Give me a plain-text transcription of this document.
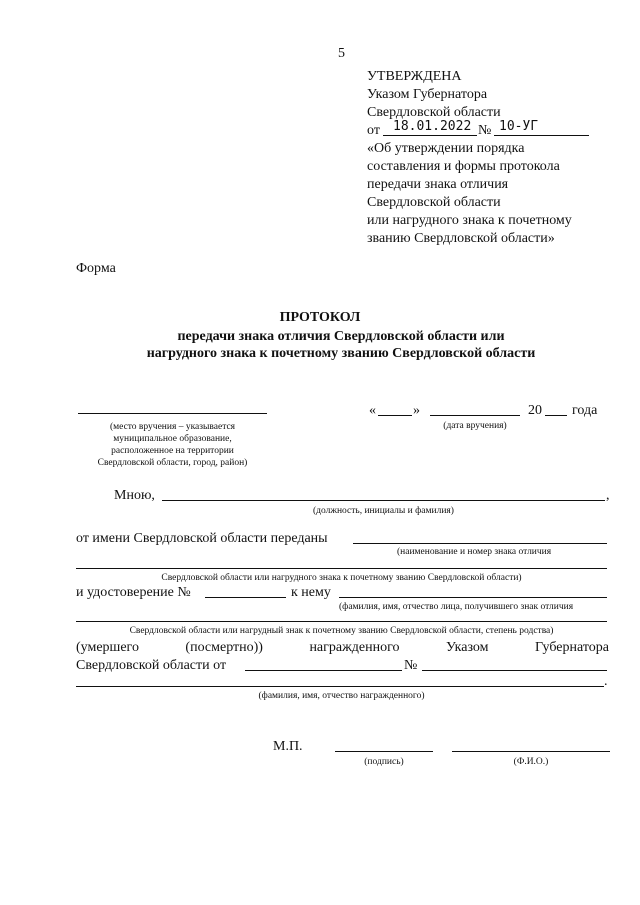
5
УТВЕРЖДЕНА
Указом Губернатора
Свердловской области
от 18.01.2022 № 10-УГ
«Об утверждении порядка
составления и формы протокола
передачи знака отличия
Свердловской области
или нагрудного знака к почетному
званию Свердловской области»
Форма
ПРОТОКОЛ
передачи знака отличия Свердловской области или
нагрудного знака к почетному званию Свердловской области
(место вручения – указывается
муниципальное образование,
расположенное на территории
Свердловской области, город, район)
«	»	20 года
(дата вручения)
Мною,	,
(должность, инициалы и фамилия)
от имени Свердловской области переданы
(наименование и номер знака отличия
Свердловской области или нагрудного знака к почетному званию Свердловской области)
и удостоверение №	к нему
(фамилия, имя, отчество лица, получившего знак отличия
Свердловской области или нагрудный знак к почетному званию Свердловской области, степень родства)
(умершего	(посмертно))	награжденного	Указом	Губернатора
Свердловской области от	№
.
(фамилия, имя, отчество награжденного)
М.П.
(подпись)	(Ф.И.О.)
